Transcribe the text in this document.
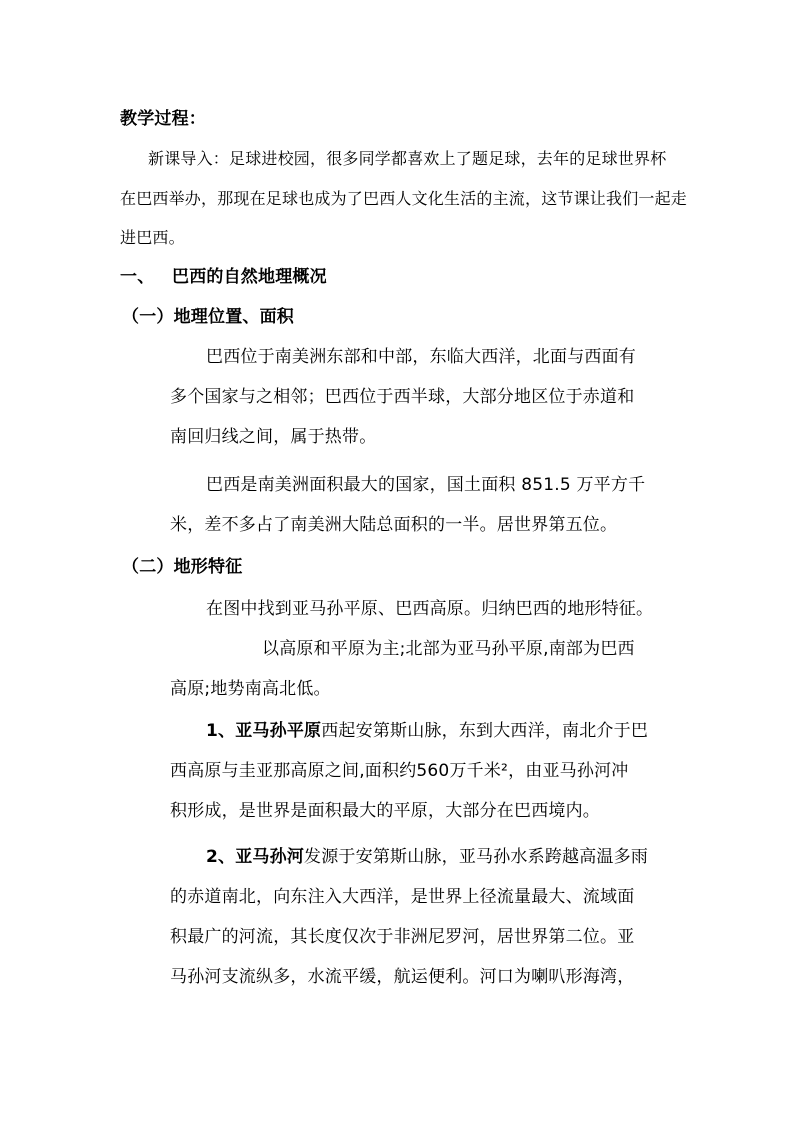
教学过程：
新课导入：足球进校园，很多同学都喜欢上了题足球，去年的足球世界杯
在巴西举办，那现在足球也成为了巴西人文化生活的主流，这节课让我们一起走
进巴西。
一、 巴西的自然地理概况
（一）地理位置、面积
巴西位于南美洲东部和中部，东临大西洋，北面与西面有
多个国家与之相邻；巴西位于西半球，大部分地区位于赤道和
南回归线之间，属于热带。
巴西是南美洲面积最大的国家，国土面积 851.5 万平方千
米，差不多占了南美洲大陆总面积的一半。居世界第五位。
（二）地形特征
在图中找到亚马孙平原、巴西高原。归纳巴西的地形特征。
以高原和平原为主;北部为亚马孙平原,南部为巴西
高原;地势南高北低。
1、亚马孙平原西起安第斯山脉，东到大西洋，南北介于巴
西高原与圭亚那高原之间,面积约560万千米²，由亚马孙河冲
积形成，是世界是面积最大的平原，大部分在巴西境内。
2、亚马孙河发源于安第斯山脉，亚马孙水系跨越高温多雨
的赤道南北，向东注入大西洋，是世界上径流量最大、流域面
积最广的河流，其长度仅次于非洲尼罗河，居世界第二位。亚
马孙河支流纵多，水流平缓，航运便利。河口为喇叭形海湾，
